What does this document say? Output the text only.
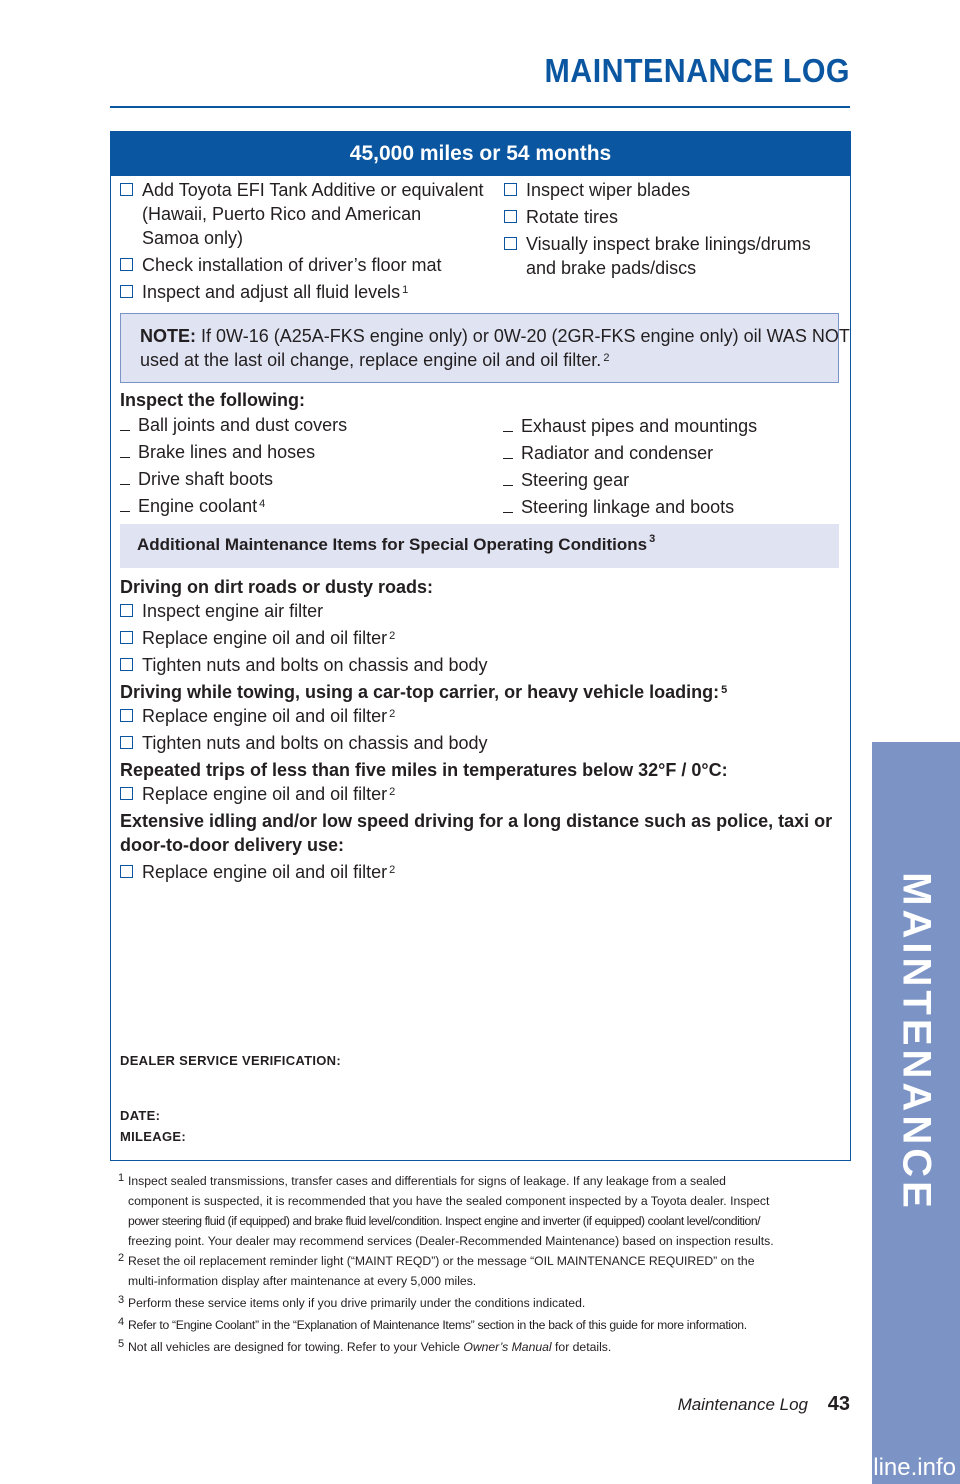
MAINTENANCE LOG
45,000 miles or 54 months
Add Toyota EFI Tank Additive or equivalent
(Hawaii, Puerto Rico and American
Samoa only)
Check installation of driver’s floor mat
Inspect and adjust all fluid levels $^1$
Inspect wiper blades
Rotate tires
Visually inspect brake linings/drums
and brake pads/discs
NOTE: If 0W-16 (A25A-FKS engine only) or 0W-20 (2GR-FKS engine only) oil WAS NOT
used at the last oil change, replace engine oil and oil filter. $^2$
Inspect the following:
Ball joints and dust covers
Brake lines and hoses
Drive shaft boots
Engine coolant $^4$
Exhaust pipes and mountings
Radiator and condenser
Steering gear
Steering linkage and boots
Additional Maintenance Items for Special Operating Conditions $^3$
Driving on dirt roads or dusty roads:
Inspect engine air filter
Replace engine oil and oil filter $^2$
Tighten nuts and bolts on chassis and body
Driving while towing, using a car-top carrier, or heavy vehicle loading: $^5$
Replace engine oil and oil filter $^2$
Tighten nuts and bolts on chassis and body
Repeated trips of less than five miles in temperatures below 32°F / 0°C:
Replace engine oil and oil filter $^2$
Extensive idling and/or low speed driving for a long distance such as police, taxi or
door-to-door delivery use:
Replace engine oil and oil filter $^2$
DEALER SERVICE VERIFICATION:
DATE:
MILEAGE:
1 Inspect sealed transmissions, transfer cases and differentials for signs of leakage. If any leakage from a sealed
component is suspected, it is recommended that you have the sealed component inspected by a Toyota dealer. Inspect
power steering fluid (if equipped) and brake fluid level/condition. Inspect engine and inverter (if equipped) coolant level/condition/
freezing point. Your dealer may recommend services (Dealer-Recommended Maintenance) based on inspection results.
2 Reset the oil replacement reminder light (“MAINT REQD”) or the message “OIL MAINTENANCE REQUIRED” on the
multi-information display after maintenance at every 5,000 miles.
3 Perform these service items only if you drive primarily under the conditions indicated.
4 Refer to “Engine Coolant” in the “Explanation of Maintenance Items” section in the back of this guide for more information.
5 Not all vehicles are designed for towing. Refer to your Vehicle Owner’s Manual for details.
Maintenance Log 43
MAINTENANCE
carmanualsonline.info
